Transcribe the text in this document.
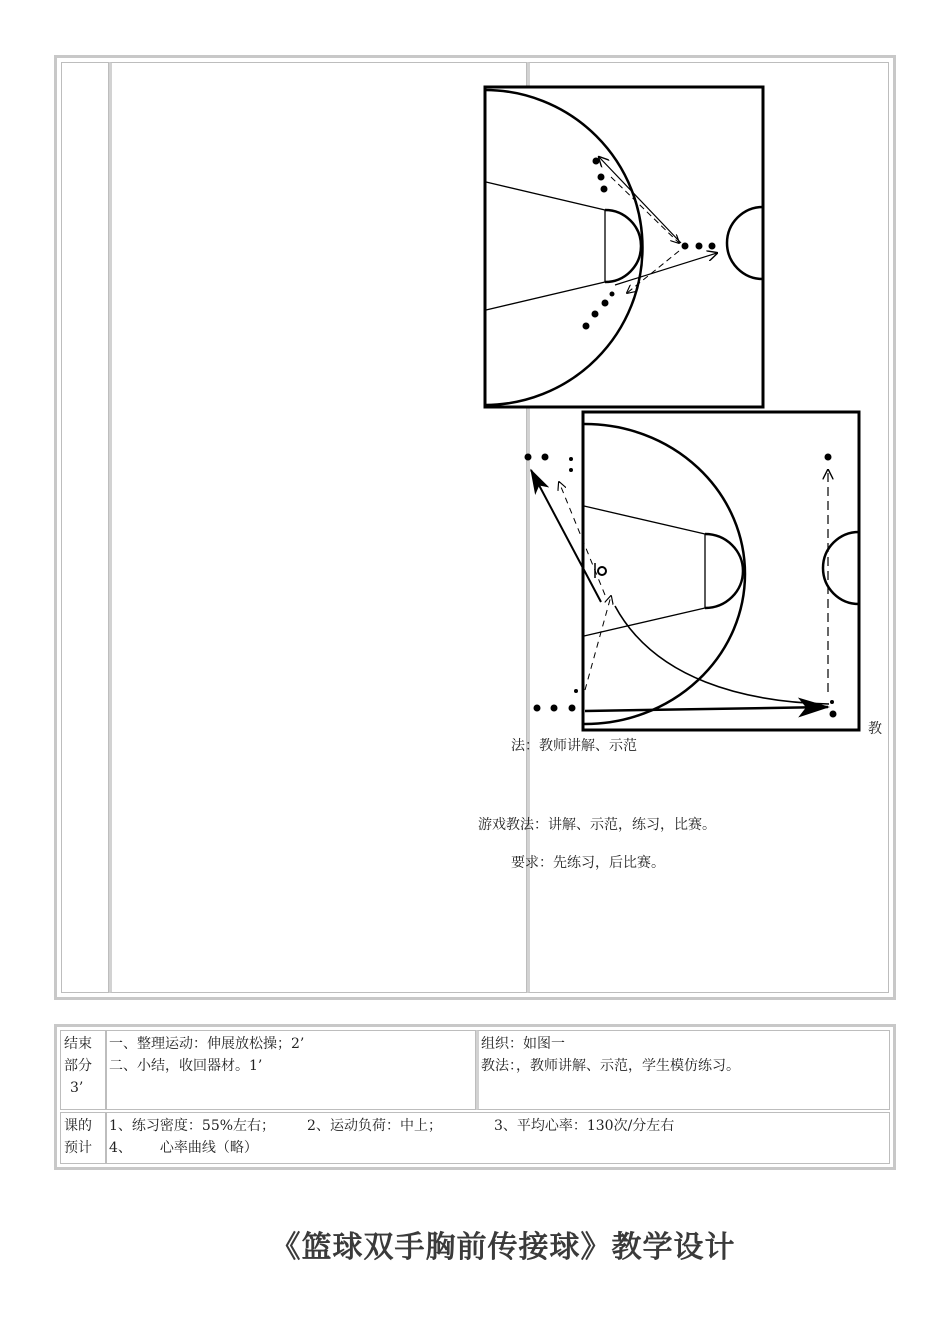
教
法：教师讲解、示范
游戏教法：讲解、示范，练习，比赛。
要求：先练习，后比赛。
结束
部分
3’
一、整理运动：伸展放松操；2’
二、小结，收回器材。1’
组织：如图一
教法：，教师讲解、示范，学生模仿练习。
课的
预计
1、练习密度：55%左右； 2、运动负荷：中上；	3、平均心率：130次/分左右
4、 心率曲线（略）
《篮球双手胸前传接球》教学设计
